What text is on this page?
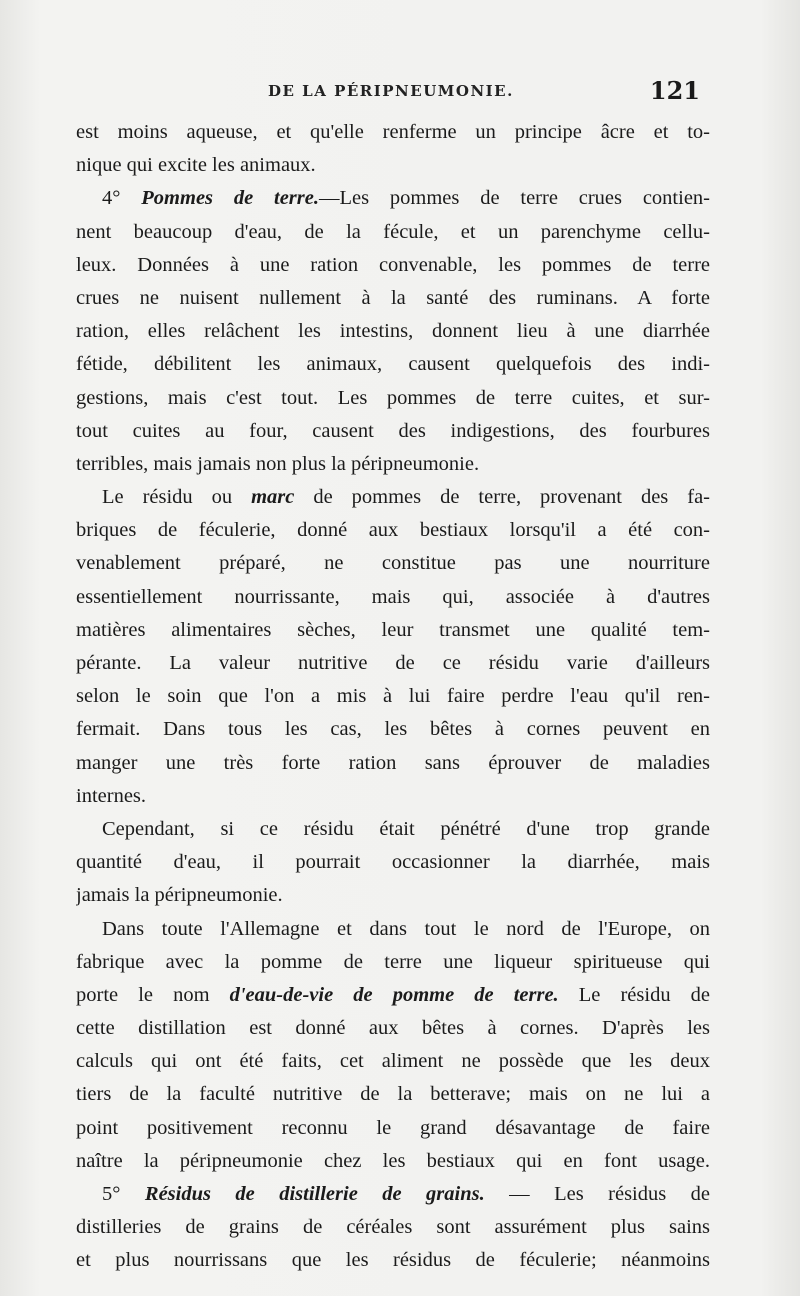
DE LA PÉRIPNEUMONIE.	121
est moins aqueuse, et qu'elle renferme un principe âcre et to-
nique qui excite les animaux.
4° Pommes de terre.—Les pommes de terre crues contien-
nent beaucoup d'eau, de la fécule, et un parenchyme cellu-
leux. Données à une ration convenable, les pommes de terre
crues ne nuisent nullement à la santé des ruminans. A forte
ration, elles relâchent les intestins, donnent lieu à une diarrhée
fétide, débilitent les animaux, causent quelquefois des indi-
gestions, mais c'est tout. Les pommes de terre cuites, et sur-
tout cuites au four, causent des indigestions, des fourbures
terribles, mais jamais non plus la péripneumonie.
Le résidu ou marc de pommes de terre, provenant des fa-
briques de féculerie, donné aux bestiaux lorsqu'il a été con-
venablement préparé, ne constitue pas une nourriture
essentiellement nourrissante, mais qui, associée à d'autres
matières alimentaires sèches, leur transmet une qualité tem-
pérante. La valeur nutritive de ce résidu varie d'ailleurs
selon le soin que l'on a mis à lui faire perdre l'eau qu'il ren-
fermait. Dans tous les cas, les bêtes à cornes peuvent en
manger une très forte ration sans éprouver de maladies
internes.
Cependant, si ce résidu était pénétré d'une trop grande
quantité d'eau, il pourrait occasionner la diarrhée, mais
jamais la péripneumonie.
Dans toute l'Allemagne et dans tout le nord de l'Europe, on
fabrique avec la pomme de terre une liqueur spiritueuse qui
porte le nom d'eau-de-vie de pomme de terre. Le résidu de
cette distillation est donné aux bêtes à cornes. D'après les
calculs qui ont été faits, cet aliment ne possède que les deux
tiers de la faculté nutritive de la betterave; mais on ne lui a
point positivement reconnu le grand désavantage de faire
naître la péripneumonie chez les bestiaux qui en font usage.
5° Résidus de distillerie de grains. — Les résidus de
distilleries de grains de céréales sont assurément plus sains
et plus nourrissans que les résidus de féculerie; néanmoins
